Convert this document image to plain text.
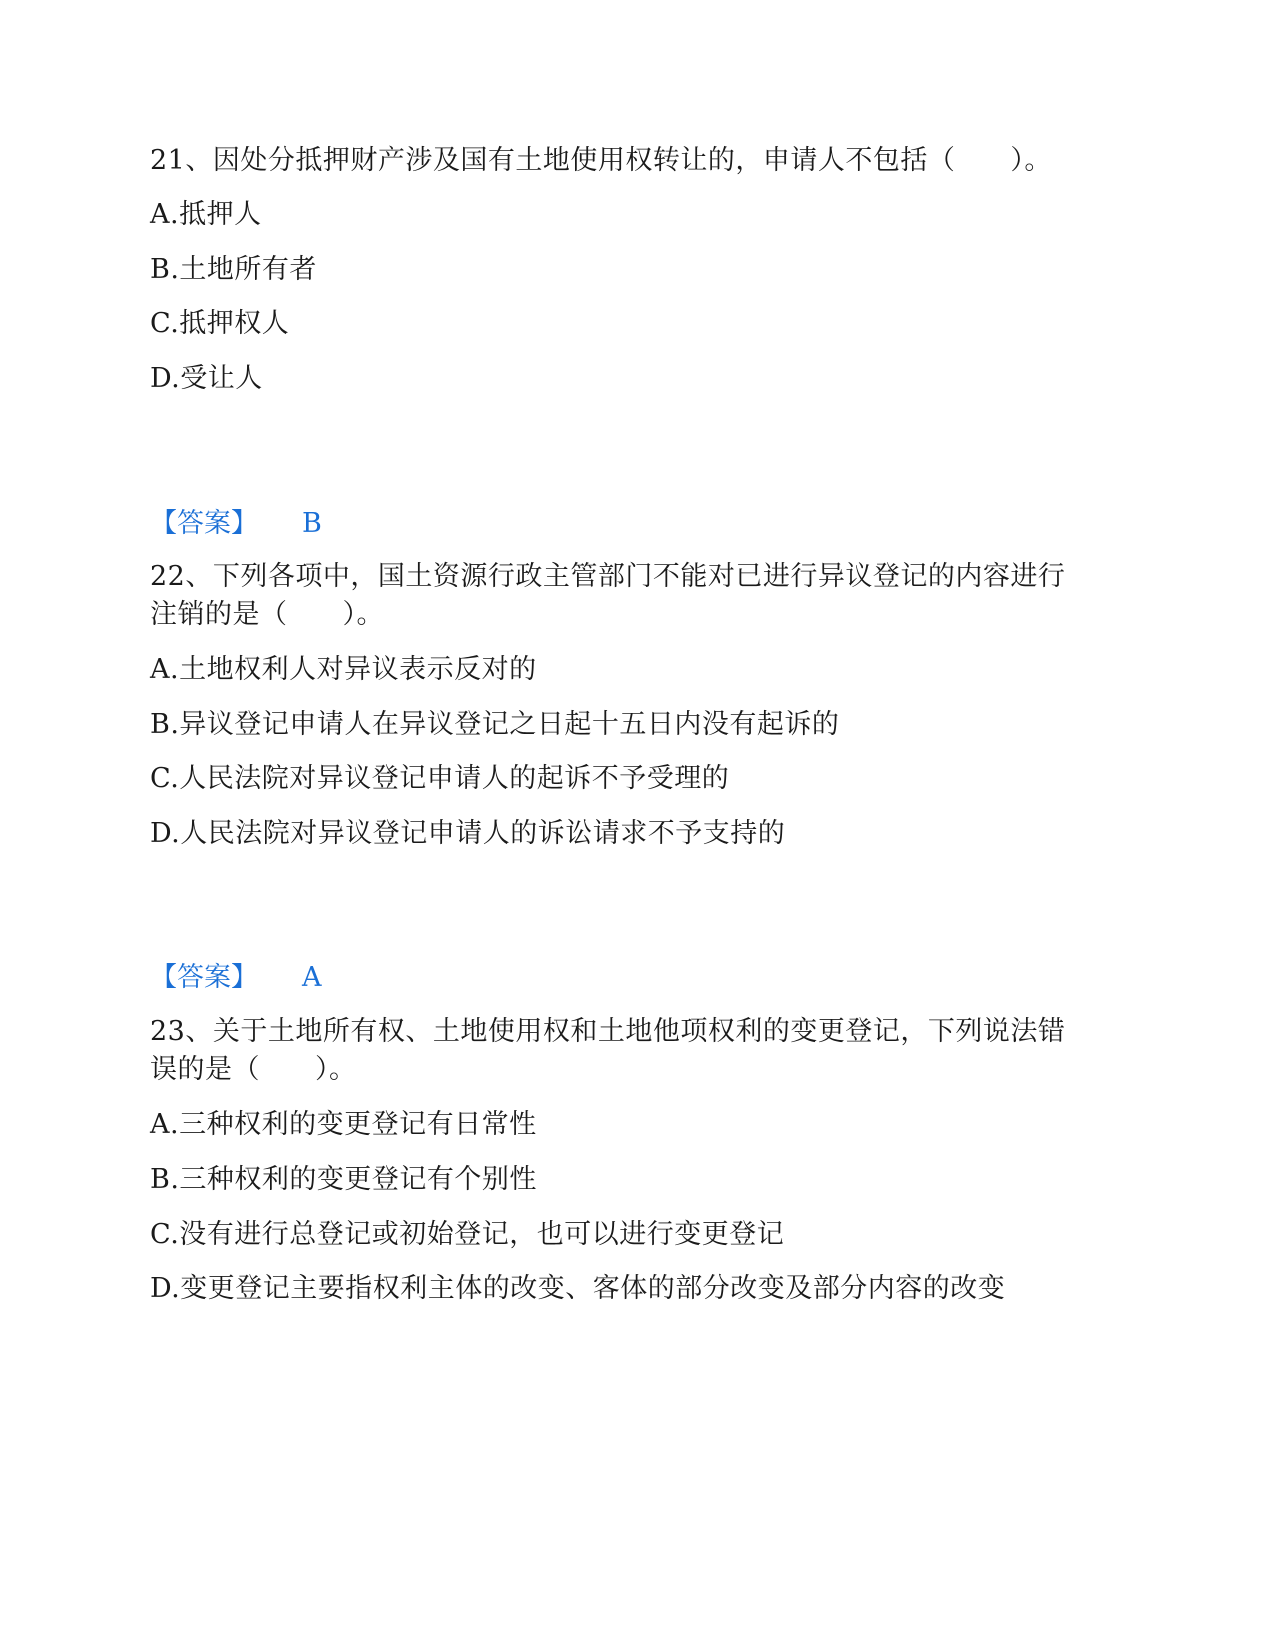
21、因处分抵押财产涉及国有土地使用权转让的，申请人不包括（　　）。
A.抵押人
B.土地所有者
C.抵押权人
D.受让人
【答案】 B
22、下列各项中，国土资源行政主管部门不能对已进行异议登记的内容进行
注销的是（　　）。
A.土地权利人对异议表示反对的
B.异议登记申请人在异议登记之日起十五日内没有起诉的
C.人民法院对异议登记申请人的起诉不予受理的
D.人民法院对异议登记申请人的诉讼请求不予支持的
【答案】 A
23、关于土地所有权、土地使用权和土地他项权利的变更登记，下列说法错
误的是（　　）。
A.三种权利的变更登记有日常性
B.三种权利的变更登记有个别性
C.没有进行总登记或初始登记，也可以进行变更登记
D.变更登记主要指权利主体的改变、客体的部分改变及部分内容的改变
